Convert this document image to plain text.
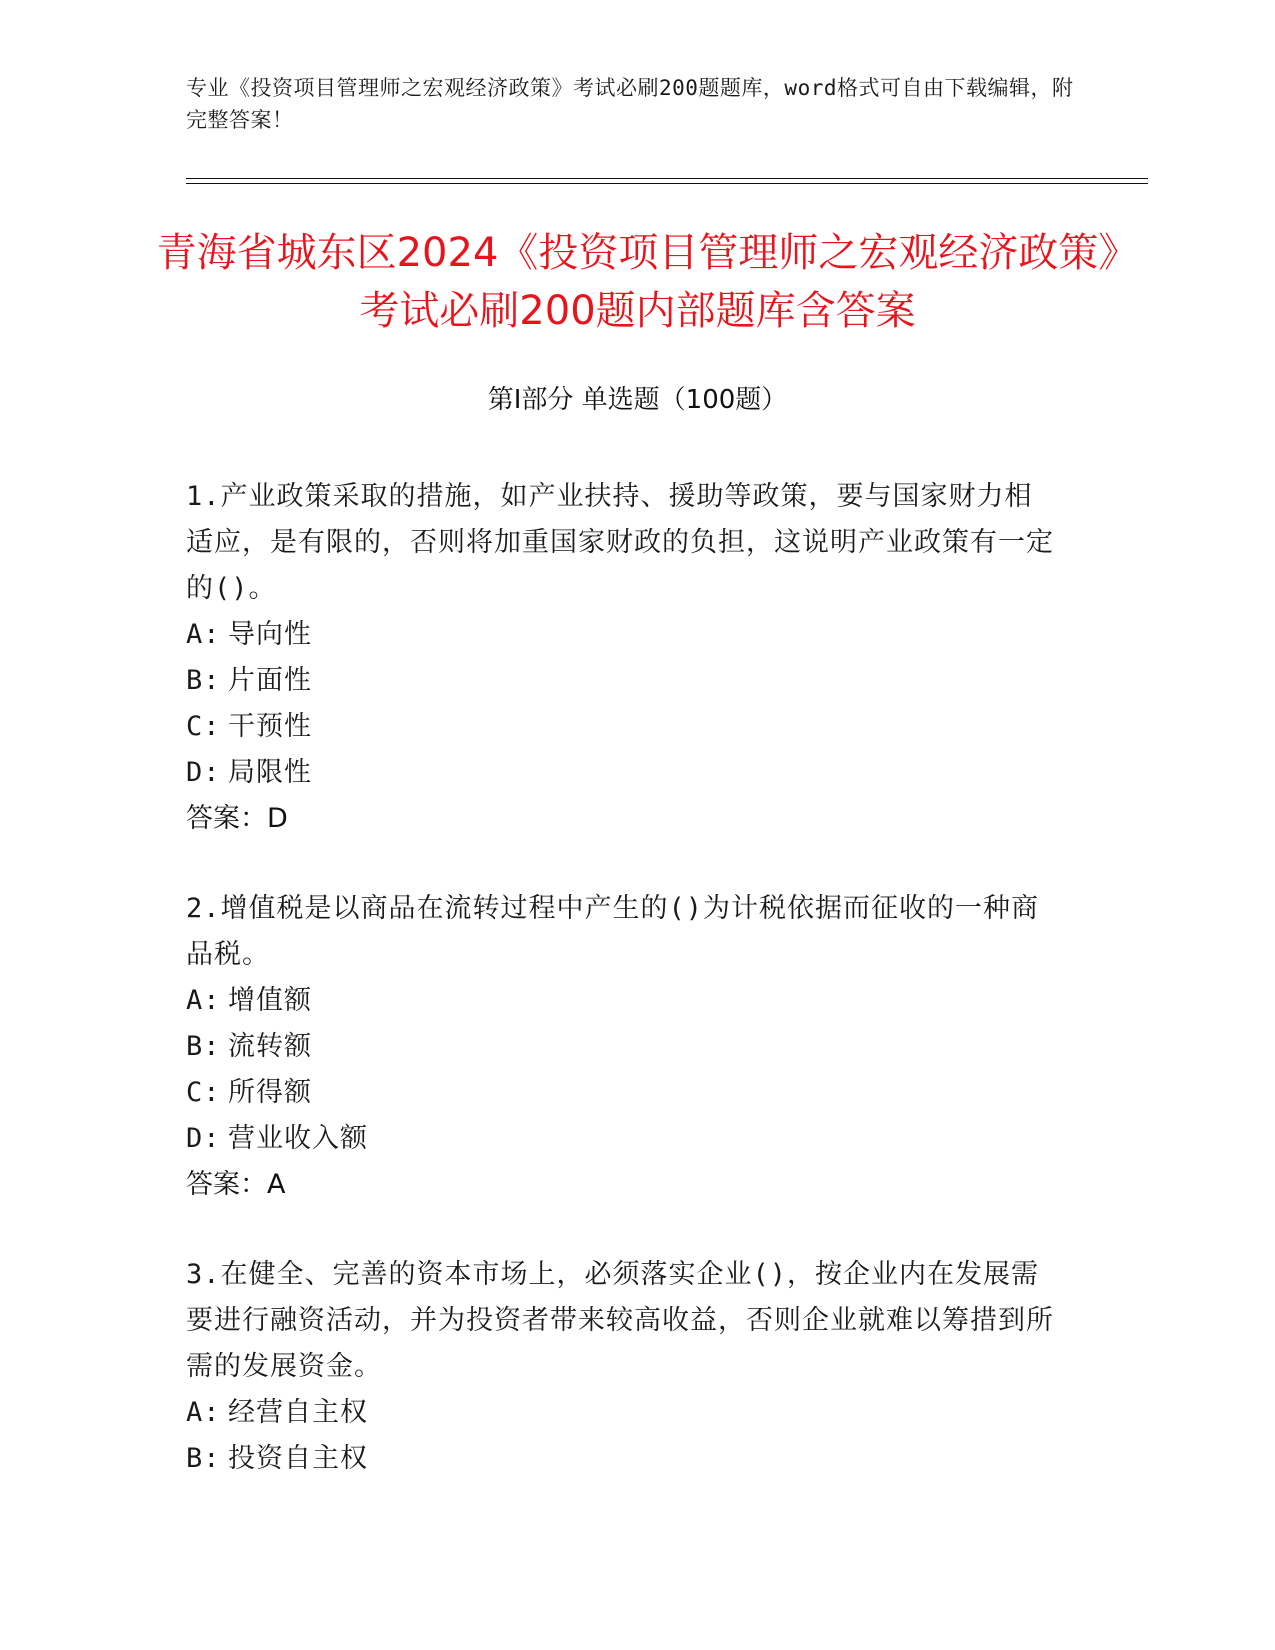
专业《投资项目管理师之宏观经济政策》考试必刷200题题库，word格式可自由下载编辑，附完整答案！
青海省城东区2024《投资项目管理师之宏观经济政策》考试必刷200题内部题库含答案
第Ⅰ部分 单选题（100题）
1.产业政策采取的措施，如产业扶持、援助等政策，要与国家财力相适应，是有限的，否则将加重国家财政的负担，这说明产业政策有一定的()。
A: 导向性
B: 片面性
C: 干预性
D: 局限性
答案：D
2.增值税是以商品在流转过程中产生的()为计税依据而征收的一种商品税。
A: 增值额
B: 流转额
C: 所得额
D: 营业收入额
答案：A
3.在健全、完善的资本市场上，必须落实企业()，按企业内在发展需要进行融资活动，并为投资者带来较高收益，否则企业就难以筹措到所需的发展资金。
A: 经营自主权
B: 投资自主权
